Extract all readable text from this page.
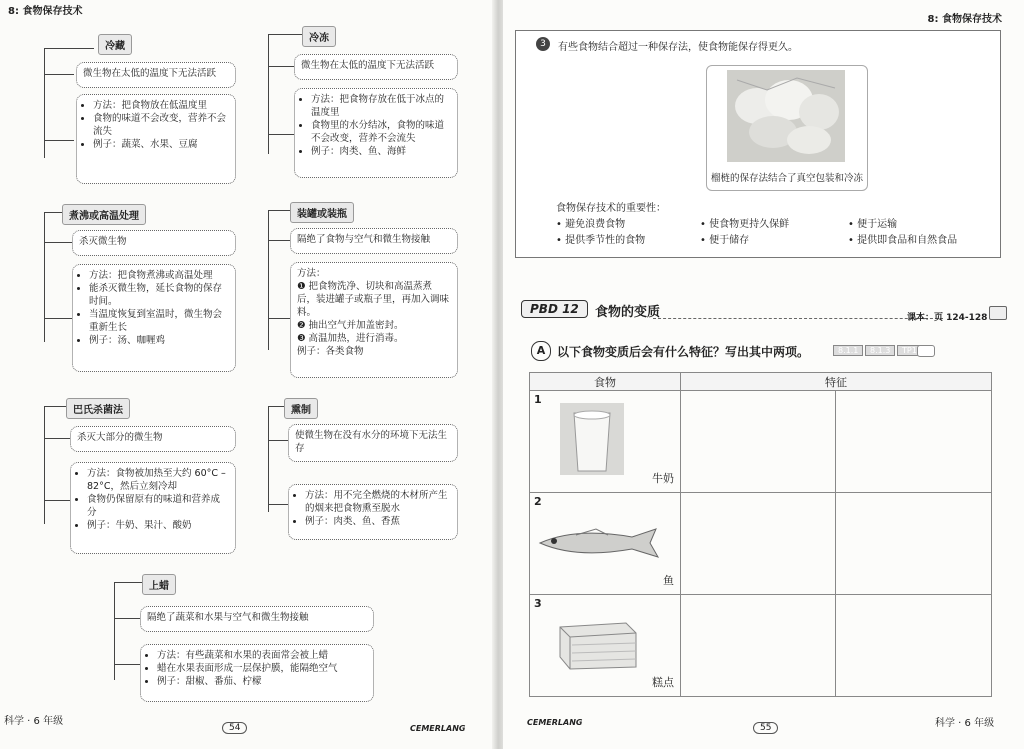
8: 食物保存技术
冷藏
微生物在太低的温度下无法活跃
• 方法：把食物放在低温度里
• 食物的味道不会改变，营养不会流失
• 例子：蔬菜、水果、豆腐
冷冻
微生物在太低的温度下无法活跃
• 方法：把食物存放在低于冰点的温度里
• 食物里的水分结冰，食物的味道不会改变，营养不会流失
• 例子：肉类、鱼、海鲜
煮沸或高温处理
杀灭微生物
• 方法：把食物煮沸或高温处理
• 能杀灭微生物，延长食物的保存时间。
• 当温度恢复到室温时，微生物会重新生长
• 例子：汤、咖喱鸡
装罐或装瓶
隔绝了食物与空气和微生物接触
方法：
❶ 把食物洗净、切块和高温蒸煮后，装进罐子或瓶子里，再加入调味料。
❷ 抽出空气并加盖密封。
❸ 高温加热，进行消毒。
例子：各类食物
巴氏杀菌法
杀灭大部分的微生物
• 方法：食物被加热至大约 60°C – 82°C，然后立刻冷却
• 食物仍保留原有的味道和营养成分
• 例子：牛奶、果汁、酸奶
熏制
使微生物在没有水分的环境下无法生存
• 方法：用不完全燃烧的木材所产生的烟来把食物熏至脱水
• 例子：肉类、鱼、香蕉
上蜡
隔绝了蔬菜和水果与空气和微生物接触
• 方法：有些蔬菜和水果的表面常会被上蜡
• 蜡在水果表面形成一层保护膜，能隔绝空气
• 例子：甜椒、番茄、柠檬
科学 · 6 年级
54	CEMERLANG
8: 食物保存技术
3	有些食物结合超过一种保存法，使食物能保存得更久。
榴梿的保存法结合了真空包装和冷冻
食物保存技术的重要性：
• 避免浪费食物	• 使食物更持久保鲜	• 便于运输
• 提供季节性的食物	• 便于储存	• 提供即食品和自然食品
PBD 12	食物的变质	课本：页 124-128
A 以下食物变质后会有什么特征？写出其中两项。	8.1.1	8.1.3	TP1
食物	特征	

1
牛奶		

2
鱼		

3
糕点		

CEMERLANG
55	科学 · 6 年级
